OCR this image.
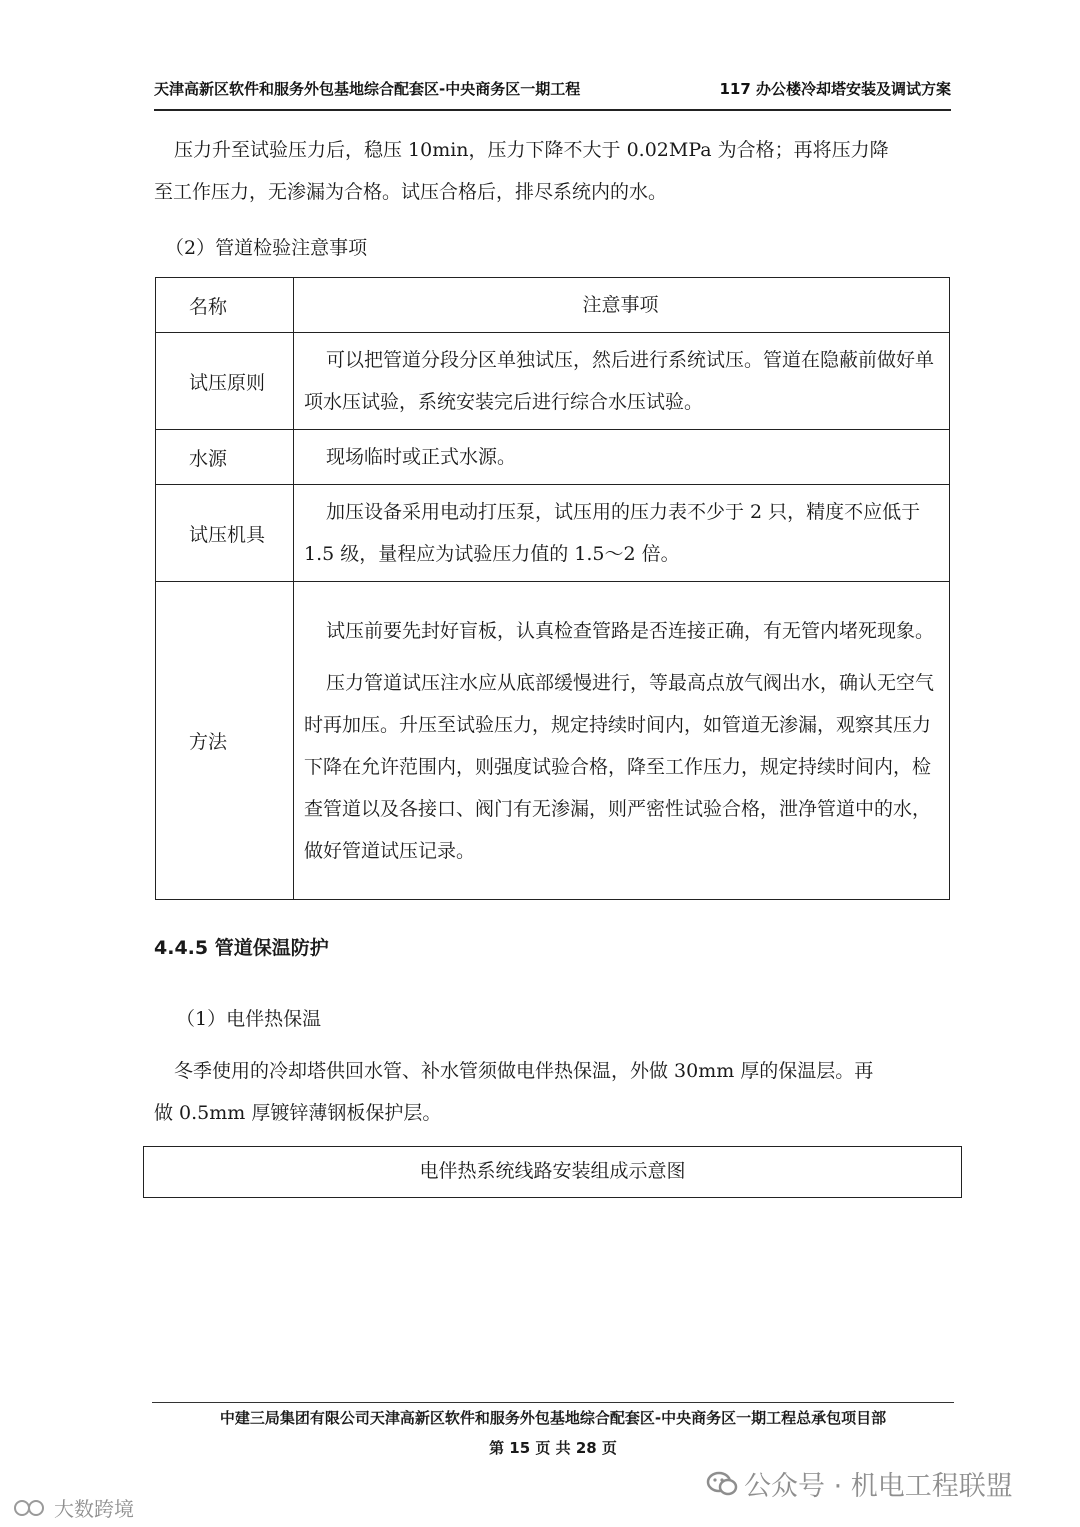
天津高新区软件和服务外包基地综合配套区-中央商务区一期工程	117 办公楼冷却塔安装及调试方案
压力升至试验压力后，稳压 10min，压力下降不大于 0.02MPa 为合格；再将压力降
至工作压力，无渗漏为合格。试压合格后，排尽系统内的水。
（2）管道检验注意事项
名称	注意事项
试压原则	可以把管道分段分区单独试压，然后进行系统试压。管道在隐蔽前做好单项水压试验，系统安装完后进行综合水压试验。

水源	现场临时或正式水源。

试压机具	加压设备采用电动打压泵，试压用的压力表不少于 2 只，精度不应低于 1.5 级，量程应为试验压力值的 1.5～2 倍。

方法	试压前要先封好盲板，认真检查管路是否连接正确，有无管内堵死现象。

压力管道试压注水应从底部缓慢进行，等最高点放气阀出水，确认无空气时再加压。升压至试验压力，规定持续时间内，如管道无渗漏，观察其压力下降在允许范围内，则强度试验合格，降至工作压力，规定持续时间内，检查管道以及各接口、阀门有无渗漏，则严密性试验合格，泄净管道中的水，做好管道试压记录。

4.4.5 管道保温防护
（1）电伴热保温
冬季使用的冷却塔供回水管、补水管须做电伴热保温，外做 30mm 厚的保温层。再
做 0.5mm 厚镀锌薄钢板保护层。
电伴热系统线路安装组成示意图
中建三局集团有限公司天津高新区软件和服务外包基地综合配套区-中央商务区一期工程总承包项目部
第 15 页 共 28 页
公众号 · 机电工程联盟
大数跨境
